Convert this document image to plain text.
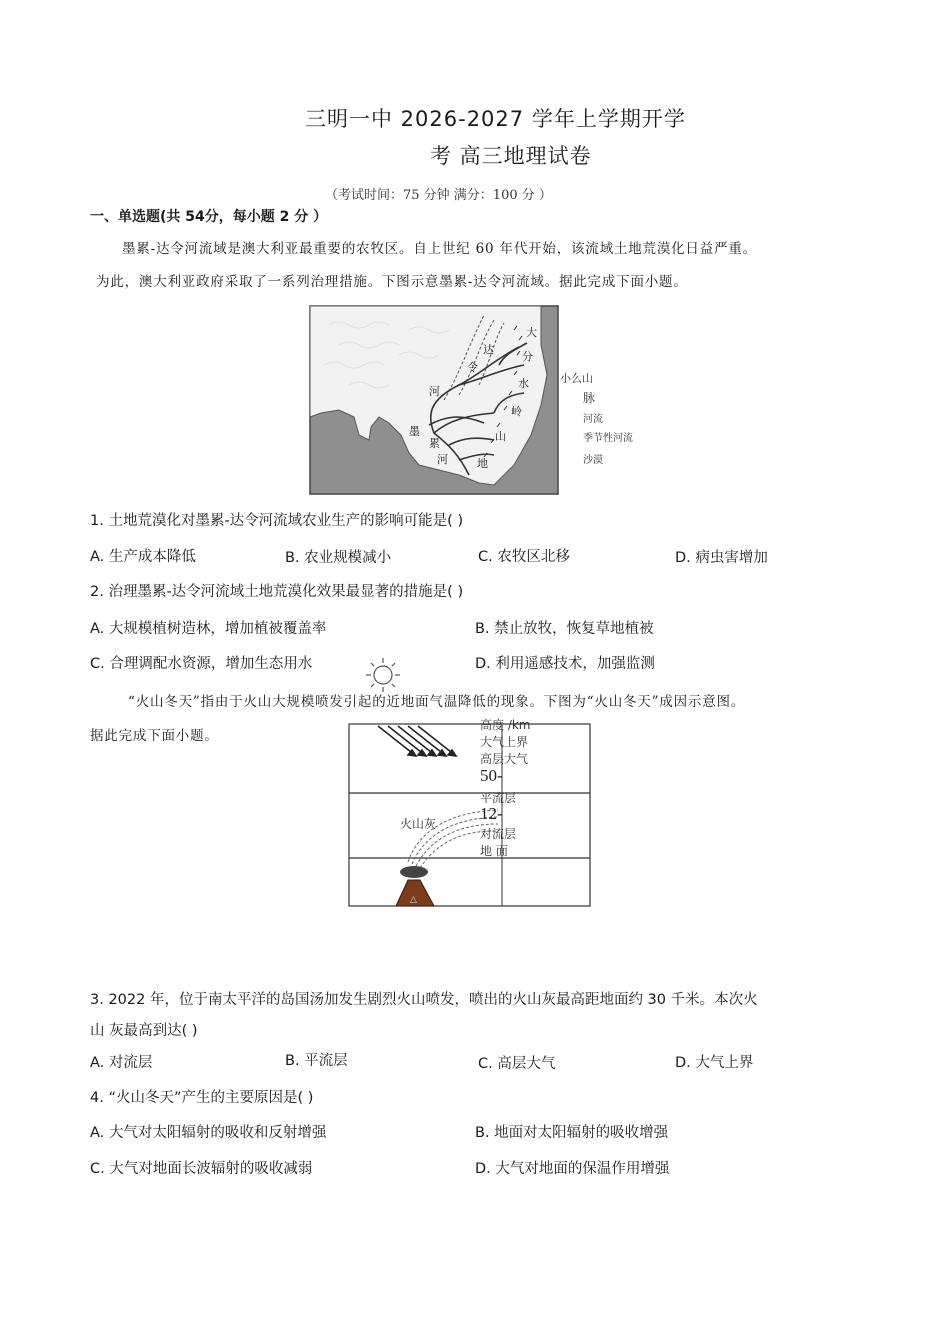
三明一中 2026-2027 学年上学期开学
考 高三地理试卷
（考试时间：75 分钟 满分：100 分 ）
一、单选题(共 54分，每小题 2 分 ）
墨累-达令河流域是澳大利亚最重要的农牧区。自上世纪 60 年代开始，该流域土地荒漠化日益严重。
为此，澳大利亚政府采取了一系列治理措施。下图示意墨累-达令河流域。据此完成下面小题。
大
分
水
岭
山
地
达
令
河
墨
累
河
小么山
脉
河流
季节性河流
沙漠
1. 土地荒漠化对墨累-达令河流域农业生产的影响可能是( )
A. 生产成本降低	B. 农业规模减小	C. 农牧区北移	D. 病虫害增加
2. 治理墨累-达令河流域土地荒漠化效果最显著的措施是( )
A. 大规模植树造林，增加植被覆盖率	B. 禁止放牧，恢复草地植被
C. 合理调配水资源，增加生态用水	D. 利用遥感技术，加强监测
“火山冬天”指由于火山大规模喷发引起的近地面气温降低的现象。下图为“火山冬天”成因示意图。
据此完成下面小题。
△
高度 /km
大气上界
高层大气
50-
平流层
12-
对流层
地 面
火山灰
3. 2022 年，位于南太平洋的岛国汤加发生剧烈火山喷发，喷出的火山灰最高距地面约 30 千米。本次火
山 灰最高到达( )
A. 对流层	B. 平流层	C. 高层大气	D. 大气上界
4. “火山冬天”产生的主要原因是( )
A. 大气对太阳辐射的吸收和反射增强	B. 地面对太阳辐射的吸收增强
C. 大气对地面长波辐射的吸收减弱	D. 大气对地面的保温作用增强
